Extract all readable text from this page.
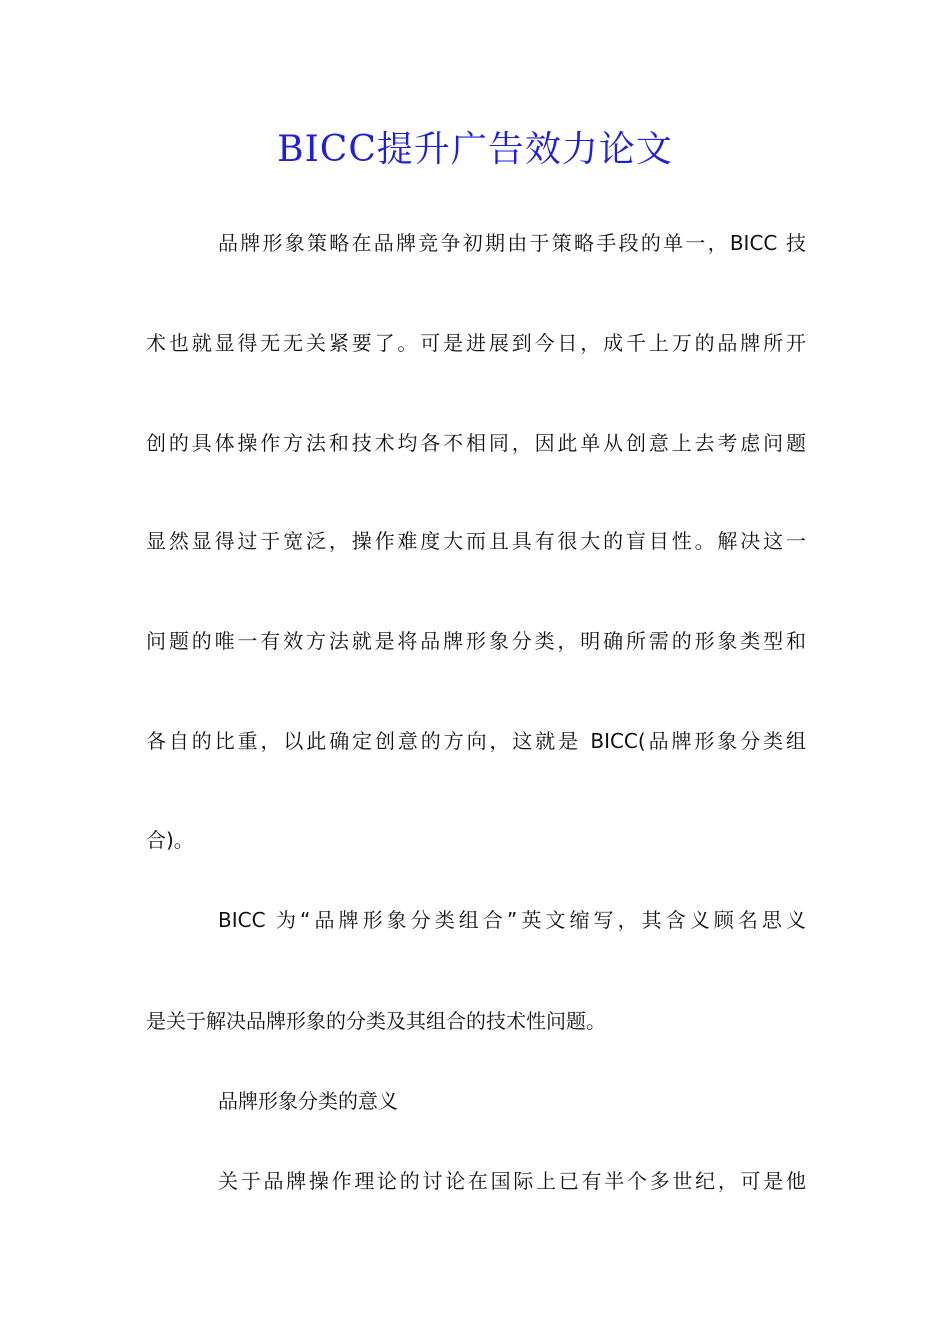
BICC提升广告效力论文

品牌形象策略在品牌竞争初期由于策略手段的单一，BICC 技

术也就显得无无关紧要了。可是进展到今日，成千上万的品牌所开

创的具体操作方法和技术均各不相同，因此单从创意上去考虑问题

显然显得过于宽泛，操作难度大而且具有很大的盲目性。解决这一

问题的唯一有效方法就是将品牌形象分类，明确所需的形象类型和

各自的比重，以此确定创意的方向，这就是 BICC(品牌形象分类组

合)。

BICC 为“品牌形象分类组合”英文缩写，其含义顾名思义

是关于解决品牌形象的分类及其组合的技术性问题。

品牌形象分类的意义

关于品牌操作理论的讨论在国际上已有半个多世纪，可是他
